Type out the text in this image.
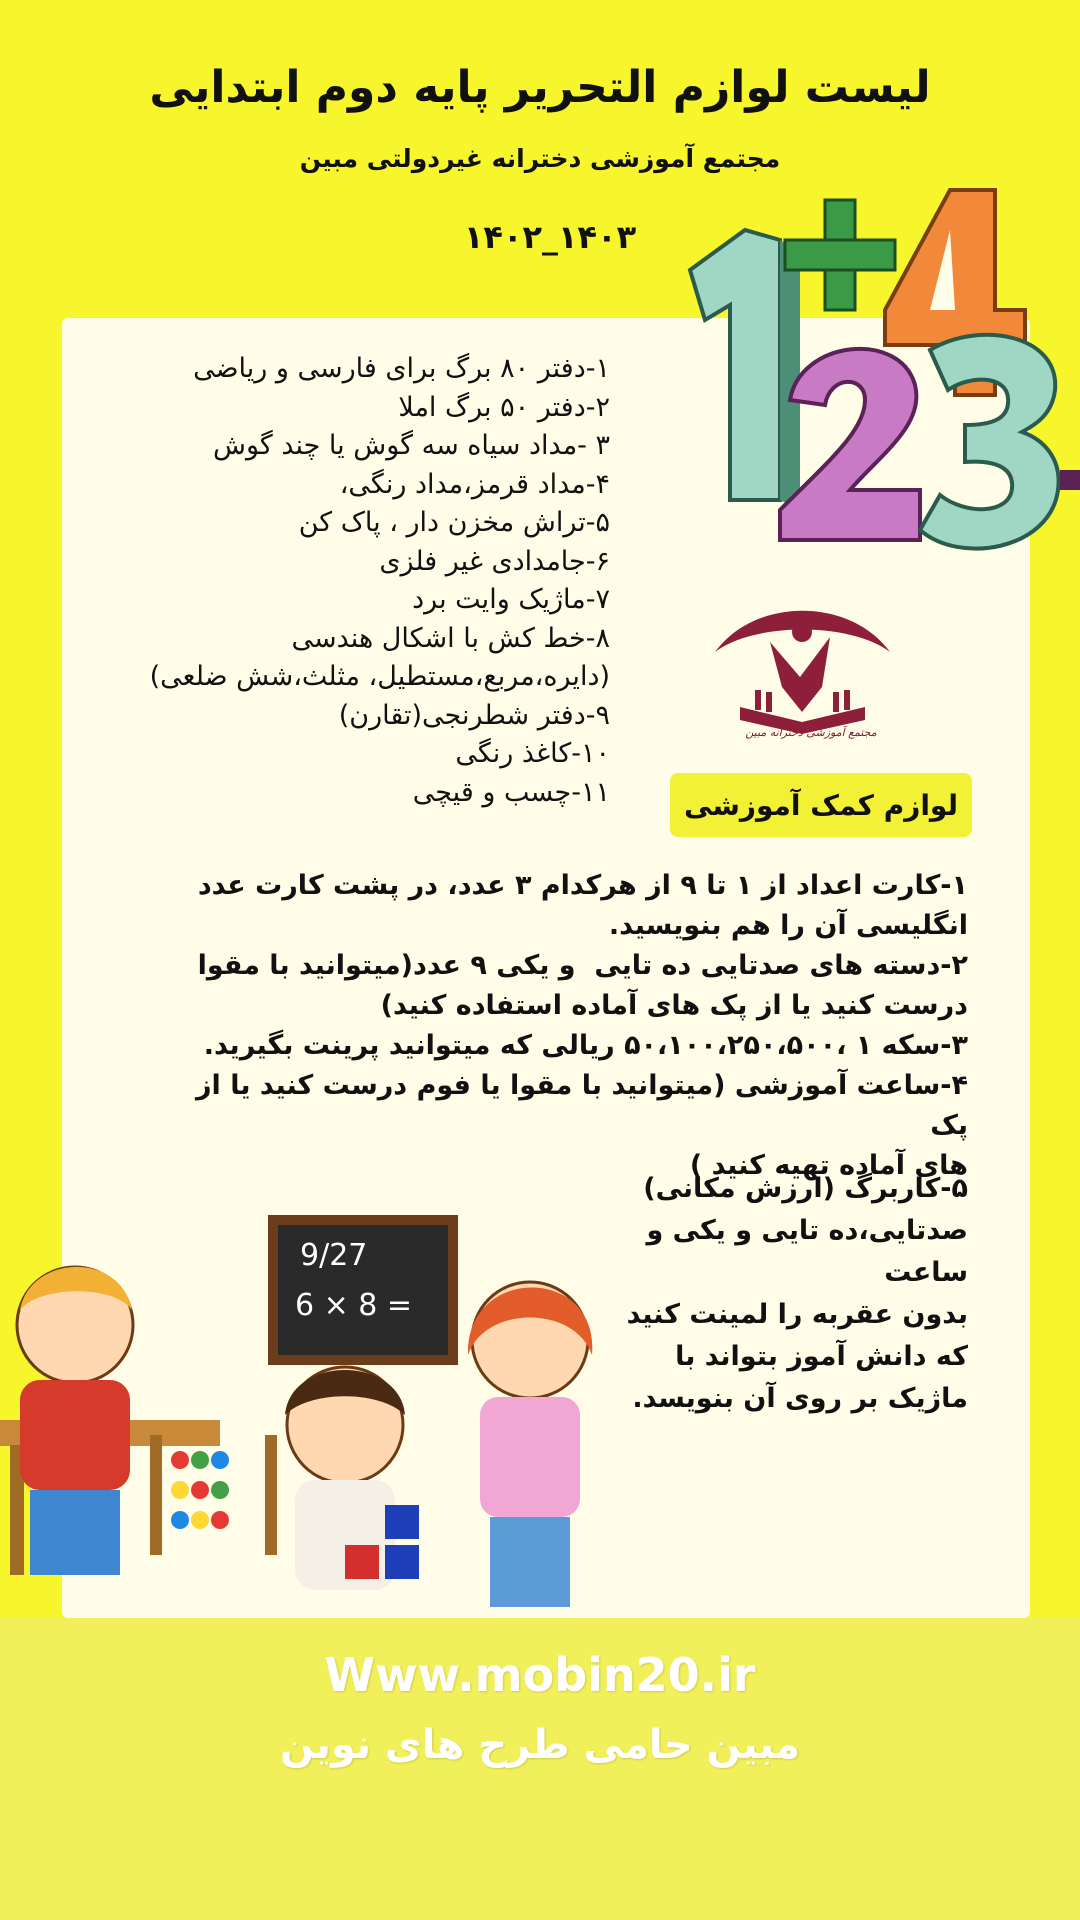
لیست لوازم التحریر پایه دوم ابتدایی
مجتمع آموزشی دخترانه غیردولتی مبین
۱۴۰۲_۱۴۰۳
۱-دفتر ۸۰ برگ برای فارسی و ریاضی
۲-دفتر ۵۰ برگ املا
۳ -مداد سیاه سه گوش یا چند گوش
۴-مداد قرمز،مداد رنگی،
۵-تراش مخزن دار ، پاک کن
۶-جامدادی غیر فلزی
۷-ماژیک وایت برد
۸-خط کش با اشکال هندسی
(دایره،مربع،مستطیل، مثلث،شش ضلعی)
۹-دفتر شطرنجی(تقارن)
۱۰-کاغذ رنگی
۱۱-چسب و قیچی
مجتمع آموزشی دخترانه مبین
لوازم کمک آموزشی
۱-کارت اعداد از ۱ تا ۹ از هرکدام ۳ عدد، در پشت کارت عدد
انگلیسی آن را هم بنویسید.
۲-دسته های صدتایی ده تایی  و یکی ۹ عدد(میتوانید با مقوا
درست کنید یا از پک های آماده استفاده کنید)
۳-سکه ۱ ،۵۰،۱۰۰،۲۵۰،۵۰۰ ریالی که میتوانید پرینت بگیرید.
۴-ساعت آموزشی (میتوانید با مقوا یا فوم درست کنید یا از پک
های آماده تهیه کنید )
۵-کاربرگ (ارزش مکانی)
صدتایی،ده تایی و یکی و
ساعت
بدون عقربه را لمینت کنید
که دانش آموز بتواند با
ماژیک بر روی آن بنویسد.
9/27
6 × 8 =
Www.mobin20.ir
مبین حامی طرح های نوین
